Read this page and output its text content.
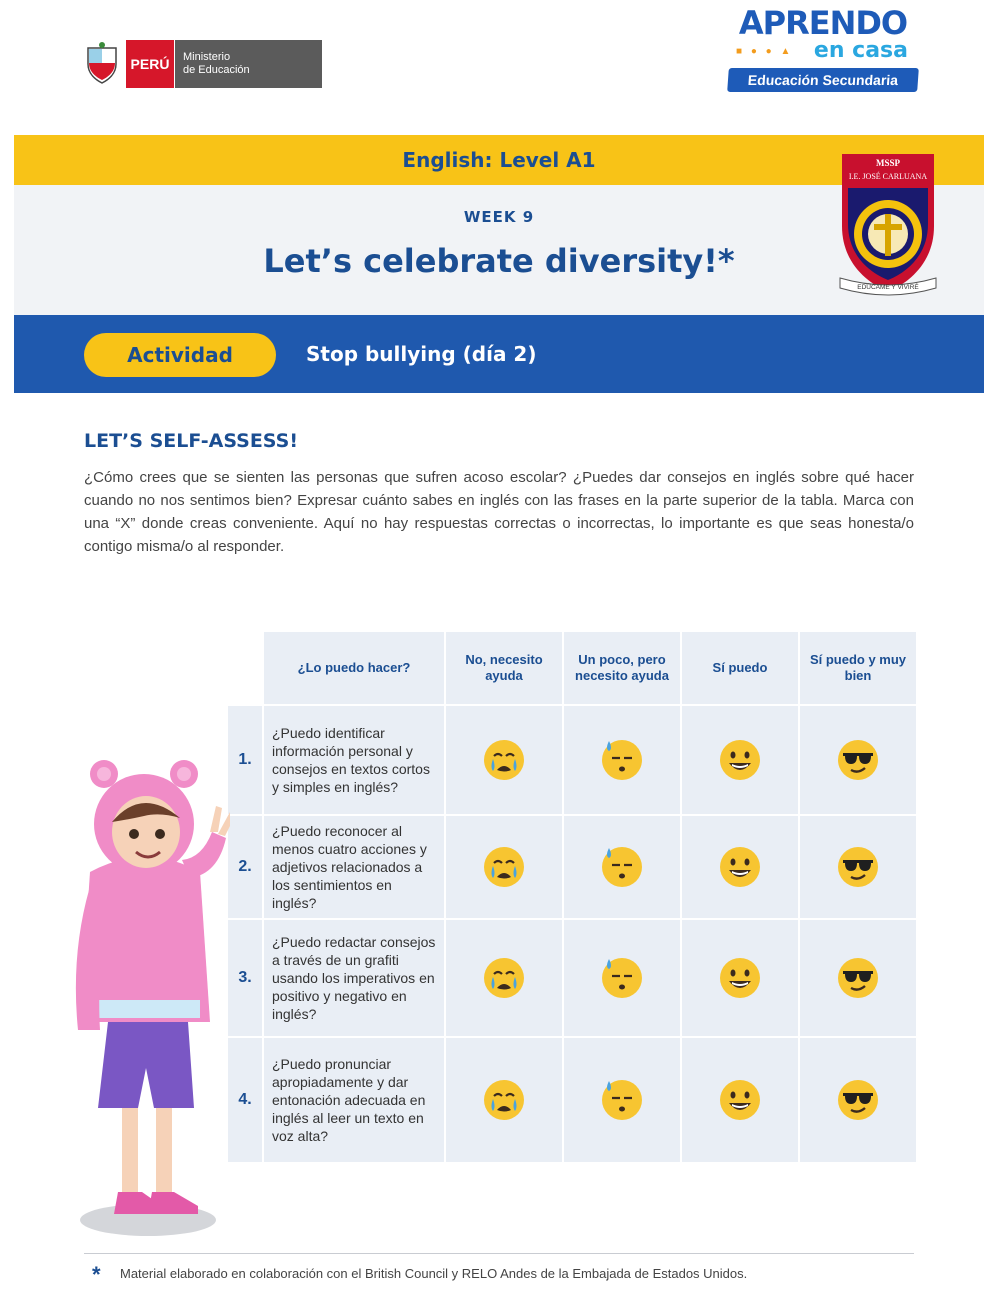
PERÚ	Ministerio
de Educación
APRENDO
■ ● ● ▲ en casa
Educación Secundaria
English: Level A1
WEEK 9
Let’s celebrate diversity!*
MSSP
I.E. JOSÉ CARLUANA
EDÚCAME Y VIVIRÉ
Actividad	Stop bullying (día 2)
LET’S SELF-ASSESS!
¿Cómo crees que se sienten las personas que sufren acoso escolar? ¿Puedes dar consejos en inglés sobre qué hacer cuando no nos sentimos bien? Expresar cuánto sabes en inglés con las frases en la parte superior de la tabla. Marca con una “X” donde creas conveniente. Aquí no hay respuestas correctas o incorrectas, lo importante es que seas honesta/o contigo misma/o al responder.
	¿Lo puedo hacer?	No, necesito ayuda	Un poco, pero necesito ayuda	Sí puedo	Sí puedo y muy bien
1.	¿Puedo identificar información personal y consejos en textos cortos y simples en inglés?				
2.	¿Puedo reconocer al menos cuatro acciones y adjetivos relacionados a los sentimientos en inglés?				
3.	¿Puedo redactar consejos a través de un grafiti usando los imperativos en positivo y negativo en inglés?				
4.	¿Puedo pronunciar apropiadamente y dar entonación adecuada en inglés al leer un texto en voz alta?				
* Material elaborado en colaboración con el British Council y RELO Andes de la Embajada de Estados Unidos.
